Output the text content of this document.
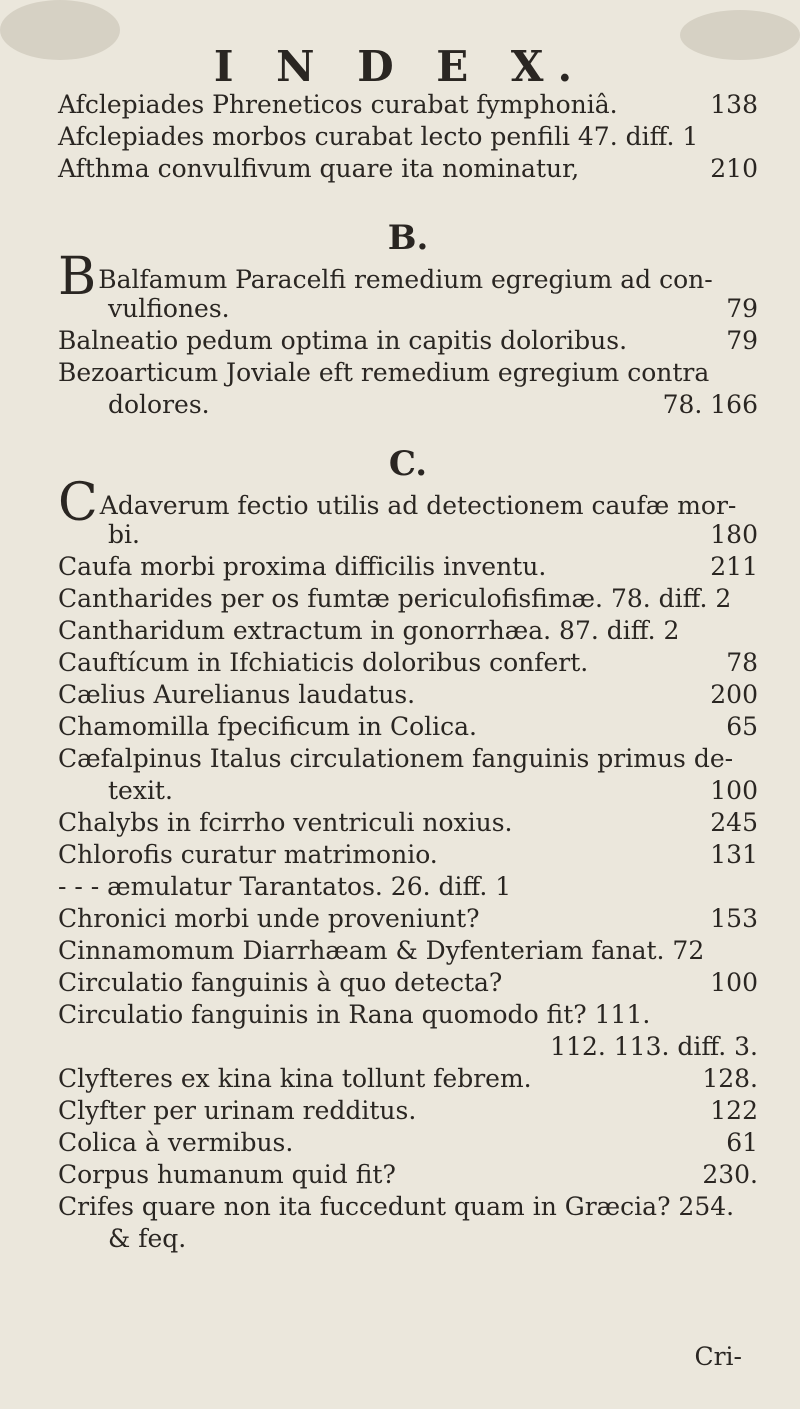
I N D E X.
Afclepiades Phreneticos curabat fymphoniâ.	138
Afclepiades morbos curabat lecto penfili 47. diff. 1
Afthma convulfivum quare ita nominatur,	210
B.
BBalfamum Paracelfi remedium egregium ad con-
vulfiones.	79
Balneatio pedum optima in capitis doloribus.	79
Bezoarticum Joviale eft remedium egregium contra
dolores.	78. 166
C.
CAdaverum fectio utilis ad detectionem caufæ mor-
bi.	180
Caufa morbi proxima difficilis inventu.	211
Cantharides per os fumtæ periculofisfimæ. 78. diff. 2
Cantharidum extractum in gonorrhæa. 87. diff. 2
Cauftícum in Ifchiaticis doloribus confert.	78
Cælius Aurelianus laudatus.	200
Chamomilla fpecificum in Colica.	65
Cæfalpinus Italus circulationem fanguinis primus de-
texit.	100
Chalybs in fcirrho ventriculi noxius.	245
Chlorofis curatur matrimonio.	131
- - - æmulatur Tarantatos. 26. diff. 1
Chronici morbi unde proveniunt?	153
Cinnamomum Diarrhæam & Dyfenteriam fanat. 72
Circulatio fanguinis à quo detecta?	100
Circulatio fanguinis in Rana quomodo fit? 111.
112. 113. diff. 3.
Clyfteres ex kina kina tollunt febrem.	128.
Clyfter per urinam redditus.	122
Colica à vermibus.	61
Corpus humanum quid fit?	230.
Crifes quare non ita fuccedunt quam in Græcia? 254.
& feq.
Cri-
